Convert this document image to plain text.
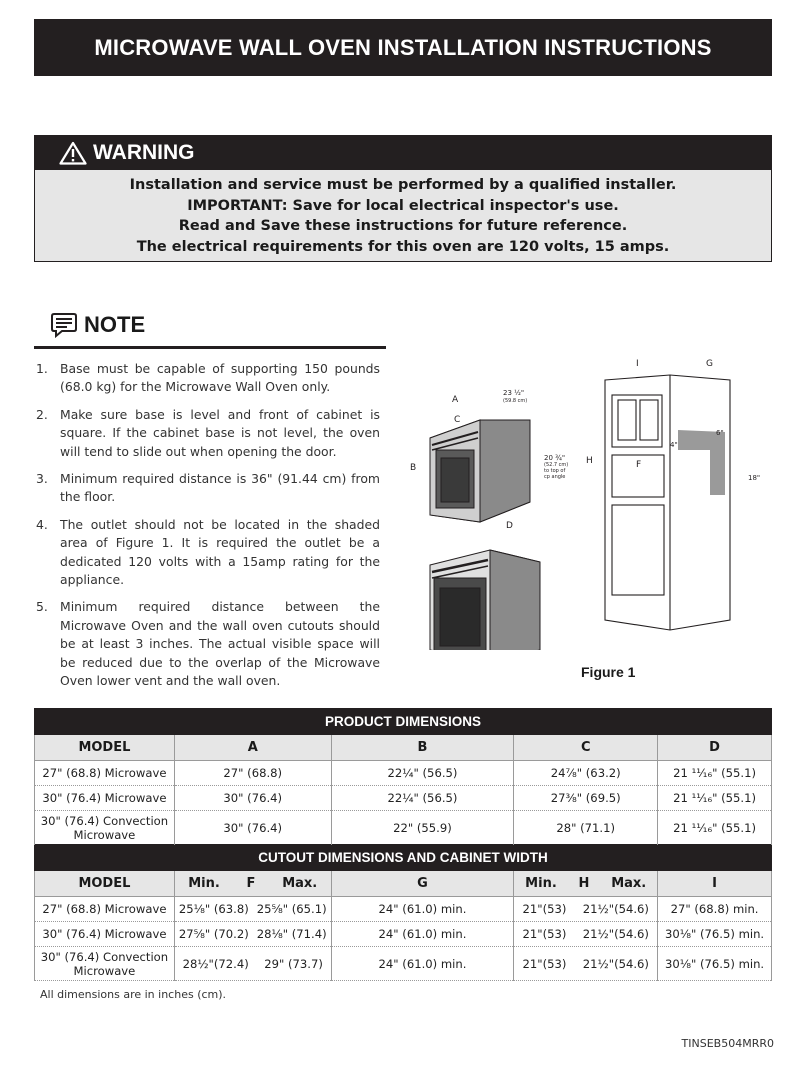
MICROWAVE WALL OVEN INSTALLATION INSTRUCTIONS
WARNING
Installation and service must be performed by a qualified installer.
IMPORTANT: Save for local electrical inspector's use.
Read and Save these instructions for future reference.
The electrical requirements for this oven are 120 volts, 15 amps.
NOTE
1. Base must be capable of supporting 150 pounds (68.0 kg) for the Microwave Wall Oven only.
2. Make sure base is level and front of cabinet is square. If the cabinet base is not level, the oven will tend to slide out when opening the door.
3. Minimum required distance is 36" (91.44 cm) from the floor.
4. The outlet should not be located in the shaded area of Figure 1. It is required the outlet be a dedicated 120 volts with a 15amp rating for the appliance.
5. Minimum required distance between the Microwave Oven and the wall oven cutouts should be at least 3 inches. The actual visible space will be reduced due to the overlap of the Microwave Oven lower vent and the wall oven.
A
C
B
D
23 ½"
(59.8 cm)
20 ¾"
(52.7 cm)
to top of
cp angle
I	G
H	F
6"
4"
18"
Figure 1
PRODUCT DIMENSIONS				
MODEL	A	B	C	D
27" (68.8) Microwave	27" (68.8)	22¼" (56.5)	24⅞" (63.2)	21 ¹¹⁄₁₆" (55.1)
30" (76.4) Microwave	30" (76.4)	22¼" (56.5)	27⅜" (69.5)	21 ¹¹⁄₁₆" (55.1)
30" (76.4) Convection Microwave	30" (76.4)	22" (55.9)	28" (71.1)	21 ¹¹⁄₁₆" (55.1)
CUTOUT DIMENSIONS AND CABINET WIDTH				
MODEL	Min. F Max.	G	Min. H Max.	I
27" (68.8) Microwave	25⅛" (63.8) 25⅝" (65.1)	24" (61.0) min.	21"(53) 21½"(54.6)	27" (68.8) min.
30" (76.4) Microwave	27⅝" (70.2) 28⅛" (71.4)	24" (61.0) min.	21"(53) 21½"(54.6)	30⅛" (76.5) min.
30" (76.4) Convection Microwave	28½"(72.4) 29" (73.7)	24" (61.0) min.	21"(53) 21½"(54.6)	30⅛" (76.5) min.
All dimensions are in inches (cm).
TINSEB504MRR0
